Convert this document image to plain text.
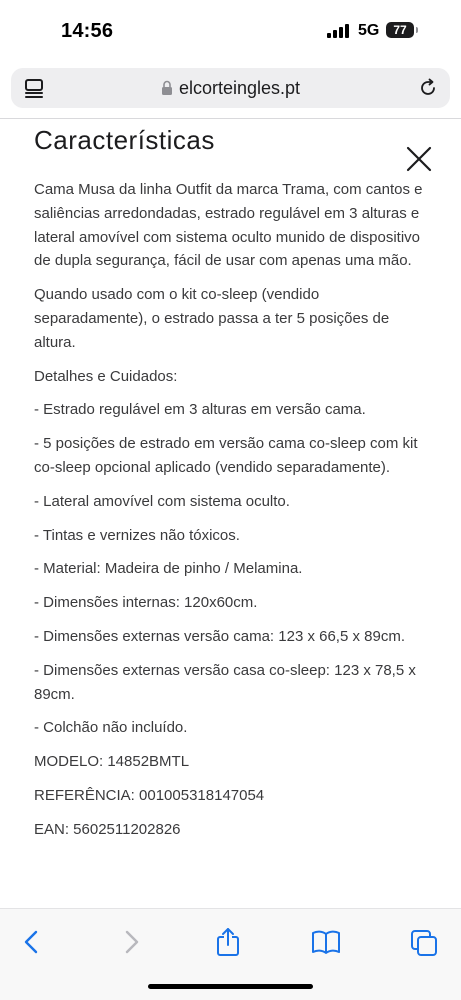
14:56	5G 77
elcorteingles.pt
Características

Cama Musa da linha Outfit da marca Trama, com cantos e saliências arredondadas, estrado regulável em 3 alturas e lateral amovível com sistema oculto munido de dispositivo de dupla segurança, fácil de usar com apenas uma mão.

Quando usado com o kit co-sleep (vendido separadamente), o estrado passa a ter 5 posições de altura.

Detalhes e Cuidados:

- Estrado regulável em 3 alturas em versão cama.

- 5 posições de estrado em versão cama co-sleep com kit co-sleep opcional aplicado (vendido separadamente).

- Lateral amovível com sistema oculto.

- Tintas e vernizes não tóxicos.

- Material: Madeira de pinho / Melamina.

- Dimensões internas: 120x60cm.

- Dimensões externas versão cama: 123 x 66,5 x 89cm.

- Dimensões externas versão casa co-sleep: 123 x 78,5 x 89cm.

- Colchão não incluído.

MODELO: 14852BMTL

REFERÊNCIA: 001005318147054

EAN: 5602511202826
